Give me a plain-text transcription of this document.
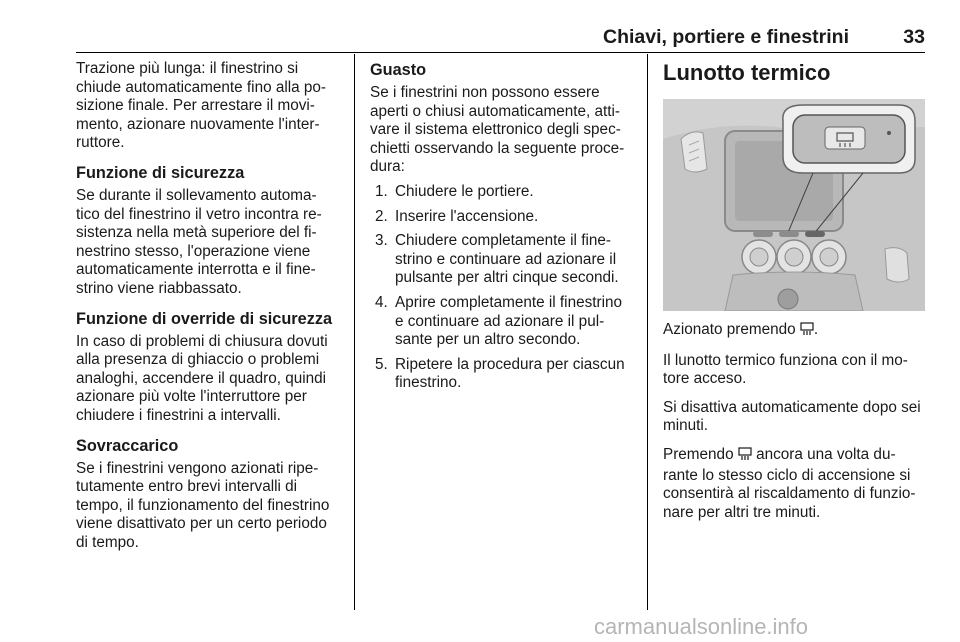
Chiavi, portiere e finestrini	33

Trazione più lunga: il finestrino si chiude automaticamente fino alla po- sizione finale. Per arrestare il movi- mento, azionare nuovamente l'inter- ruttore.

Funzione di sicurezza

Se durante il sollevamento automa- tico del finestrino il vetro incontra re- sistenza nella metà superiore del fi- nestrino stesso, l'operazione viene automaticamente interrotta e il fine- strino viene riabbassato.

Funzione di override di sicurezza

In caso di problemi di chiusura dovuti alla presenza di ghiaccio o problemi analoghi, accendere il quadro, quindi azionare più volte l'interruttore per chiudere i finestrini a intervalli.

Sovraccarico

Se i finestrini vengono azionati ripe- tutamente entro brevi intervalli di tempo, il funzionamento del finestrino viene disattivato per un certo periodo di tempo.

Guasto

Se i finestrini non possono essere aperti o chiusi automaticamente, atti- vare il sistema elettronico degli spec- chietti osservando la seguente proce- dura:

1. Chiudere le portiere.
2. Inserire l'accensione.
3. Chiudere completamente il fine- strino e continuare ad azionare il pulsante per altri cinque secondi.
4. Aprire completamente il finestrino e continuare ad azionare il pul- sante per un altro secondo.
5. Ripetere la procedura per ciascun finestrino.
Lunotto termico

Azionato premendo .

Il lunotto termico funziona con il mo- tore acceso.

Si disattiva automaticamente dopo sei minuti.

Premendo ancora una volta du- rante lo stesso ciclo di accensione si consentirà al riscaldamento di funzio- nare per altri tre minuti.

carmanualsonline.info
